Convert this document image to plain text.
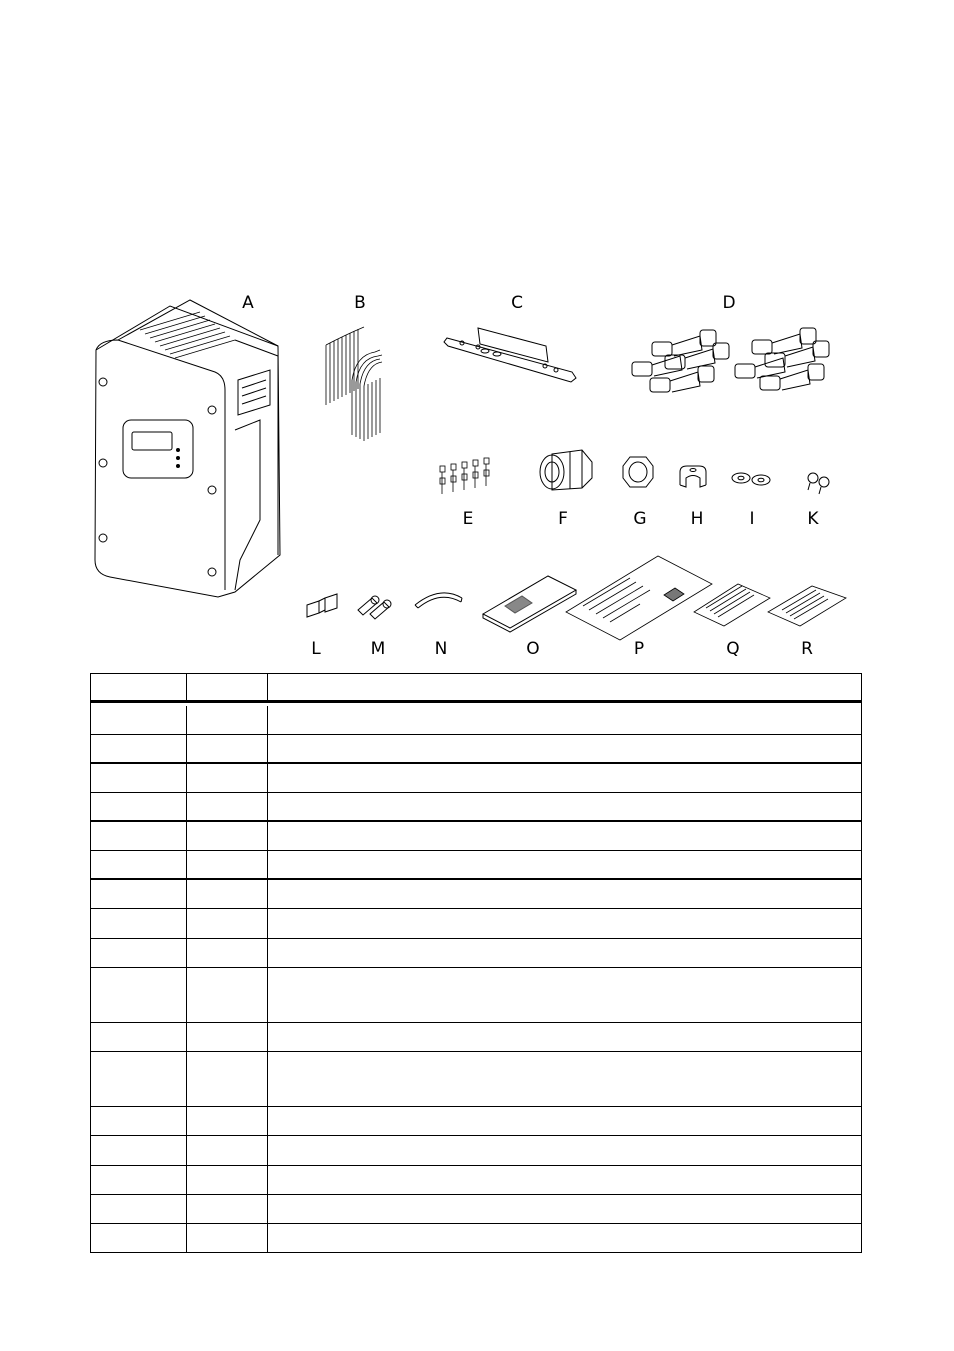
A	B	C	D
E	F	G	H	I	K
L	M	N	O	P	Q	R
